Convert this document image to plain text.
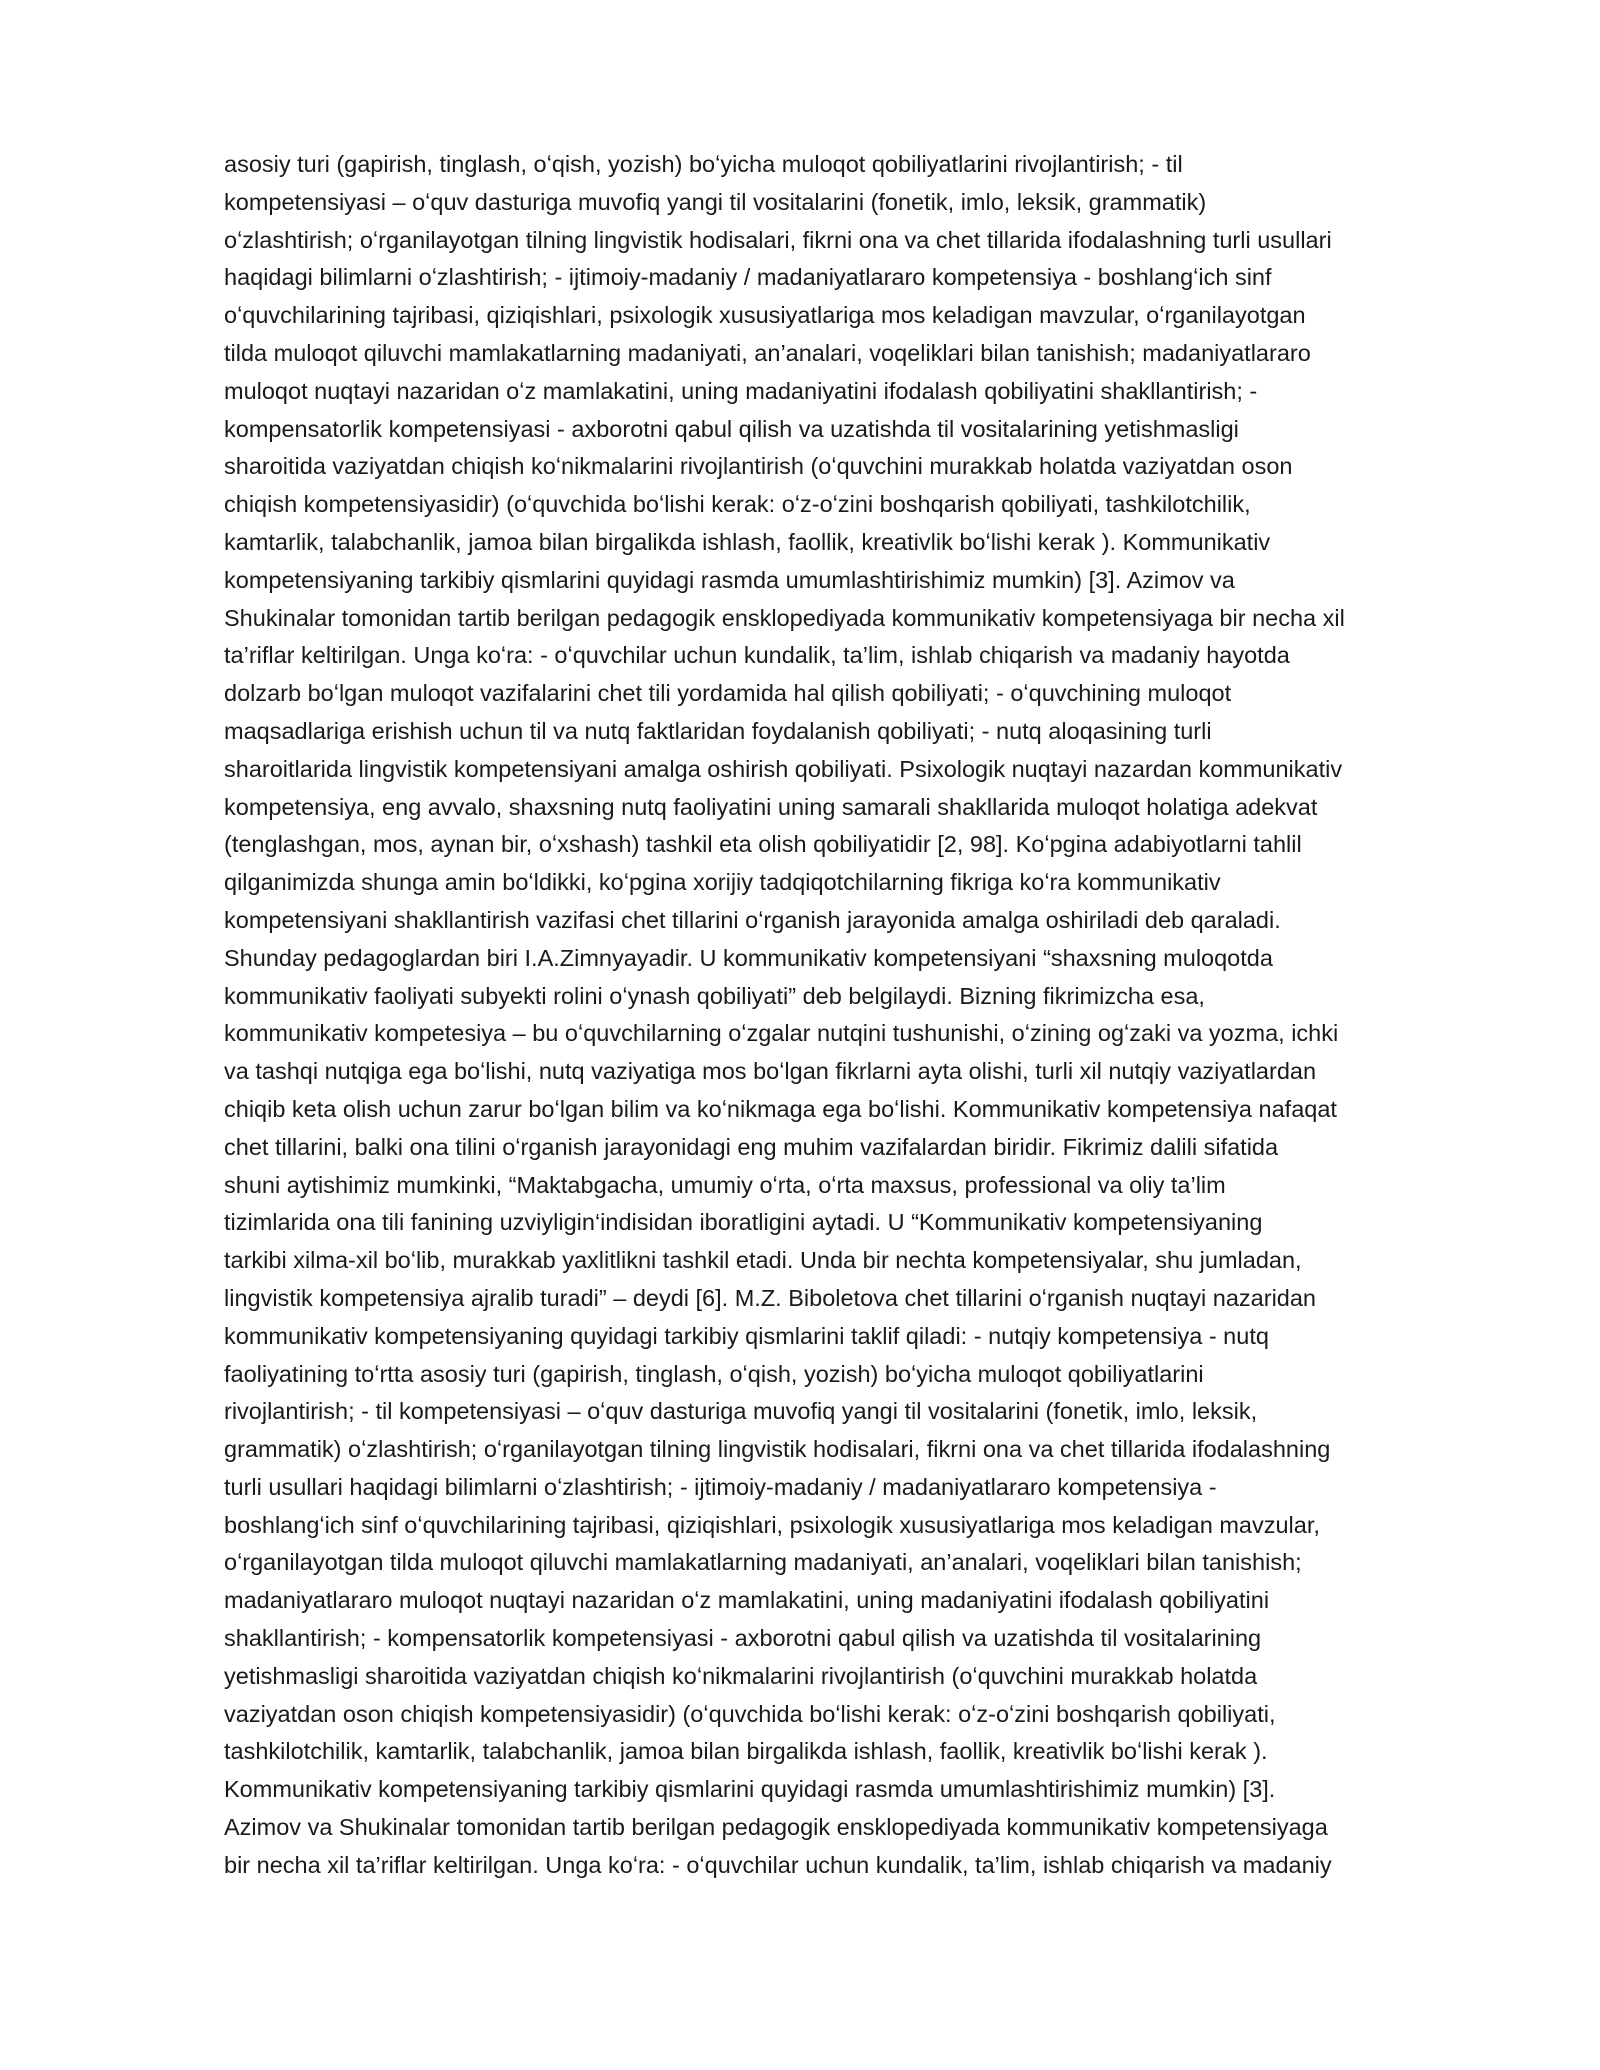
asosiy turi (gapirish, tinglash, oʻqish, yozish) boʻyicha muloqot qobiliyatlarini rivojlantirish; - til
kompetensiyasi – oʻquv dasturiga muvofiq yangi til vositalarini (fonetik, imlo, leksik, grammatik)
oʻzlashtirish; oʻrganilayotgan tilning lingvistik hodisalari, fikrni ona va chet tillarida ifodalashning turli usullari
haqidagi bilimlarni oʻzlashtirish; - ijtimoiy-madaniy / madaniyatlararo kompetensiya - boshlangʻich sinf
oʻquvchilarining tajribasi, qiziqishlari, psixologik xususiyatlariga mos keladigan mavzular, oʻrganilayotgan
tilda muloqot qiluvchi mamlakatlarning madaniyati, an’analari, voqeliklari bilan tanishish; madaniyatlararo
muloqot nuqtayi nazaridan oʻz mamlakatini, uning madaniyatini ifodalash qobiliyatini shakllantirish; -
kompensatorlik kompetensiyasi - axborotni qabul qilish va uzatishda til vositalarining yetishmasligi
sharoitida vaziyatdan chiqish koʻnikmalarini rivojlantirish (oʻquvchini murakkab holatda vaziyatdan oson
chiqish kompetensiyasidir) (oʻquvchida boʻlishi kerak: oʻz-oʻzini boshqarish qobiliyati, tashkilotchilik,
kamtarlik, talabchanlik, jamoa bilan birgalikda ishlash, faollik, kreativlik boʻlishi kerak ). Kommunikativ
kompetensiyaning tarkibiy qismlarini quyidagi rasmda umumlashtirishimiz mumkin) [3]. Azimov va
Shukinalar tomonidan tartib berilgan pedagogik ensklopediyada kommunikativ kompetensiyaga bir necha xil
ta’riflar keltirilgan. Unga koʻra: - oʻquvchilar uchun kundalik, ta’lim, ishlab chiqarish va madaniy hayotda
dolzarb boʻlgan muloqot vazifalarini chet tili yordamida hal qilish qobiliyati; - oʻquvchining muloqot
maqsadlariga erishish uchun til va nutq faktlaridan foydalanish qobiliyati; - nutq aloqasining turli
sharoitlarida lingvistik kompetensiyani amalga oshirish qobiliyati. Psixologik nuqtayi nazardan kommunikativ
kompetensiya, eng avvalo, shaxsning nutq faoliyatini uning samarali shakllarida muloqot holatiga adekvat
(tenglashgan, mos, aynan bir, oʻxshash) tashkil eta olish qobiliyatidir [2, 98]. Koʻpgina adabiyotlarni tahlil
qilganimizda shunga amin boʻldikki, koʻpgina xorijiy tadqiqotchilarning fikriga koʻra kommunikativ
kompetensiyani shakllantirish vazifasi chet tillarini oʻrganish jarayonida amalga oshiriladi deb qaraladi.
Shunday pedagoglardan biri I.A.Zimnyayadir. U kommunikativ kompetensiyani “shaxsning muloqotda
kommunikativ faoliyati subyekti rolini oʻynash qobiliyati” deb belgilaydi. Bizning fikrimizcha esa,
kommunikativ kompetesiya – bu oʻquvchilarning oʻzgalar nutqini tushunishi, oʻzining ogʻzaki va yozma, ichki
va tashqi nutqiga ega boʻlishi, nutq vaziyatiga mos boʻlgan fikrlarni ayta olishi, turli xil nutqiy vaziyatlardan
chiqib keta olish uchun zarur boʻlgan bilim va koʻnikmaga ega boʻlishi. Kommunikativ kompetensiya nafaqat
chet tillarini, balki ona tilini oʻrganish jarayonidagi eng muhim vazifalardan biridir. Fikrimiz dalili sifatida
shuni aytishimiz mumkinki, “Maktabgacha, umumiy oʻrta, oʻrta maxsus, professional va oliy ta’lim
tizimlarida ona tili fanining uzviyligin‘indisidan iboratligini aytadi. U “Kommunikativ kompetensiyaning
tarkibi xilma-xil boʻlib, murakkab yaxlitlikni tashkil etadi. Unda bir nechta kompetensiyalar, shu jumladan,
lingvistik kompetensiya ajralib turadi” – deydi [6]. M.Z. Biboletova chet tillarini oʻrganish nuqtayi nazaridan
kommunikativ kompetensiyaning quyidagi tarkibiy qismlarini taklif qiladi: - nutqiy kompetensiya - nutq
faoliyatining toʻrtta asosiy turi (gapirish, tinglash, oʻqish, yozish) boʻyicha muloqot qobiliyatlarini
rivojlantirish; - til kompetensiyasi – oʻquv dasturiga muvofiq yangi til vositalarini (fonetik, imlo, leksik,
grammatik) oʻzlashtirish; oʻrganilayotgan tilning lingvistik hodisalari, fikrni ona va chet tillarida ifodalashning
turli usullari haqidagi bilimlarni oʻzlashtirish; - ijtimoiy-madaniy / madaniyatlararo kompetensiya -
boshlangʻich sinf oʻquvchilarining tajribasi, qiziqishlari, psixologik xususiyatlariga mos keladigan mavzular,
oʻrganilayotgan tilda muloqot qiluvchi mamlakatlarning madaniyati, an’analari, voqeliklari bilan tanishish;
madaniyatlararo muloqot nuqtayi nazaridan oʻz mamlakatini, uning madaniyatini ifodalash qobiliyatini
shakllantirish; - kompensatorlik kompetensiyasi - axborotni qabul qilish va uzatishda til vositalarining
yetishmasligi sharoitida vaziyatdan chiqish koʻnikmalarini rivojlantirish (oʻquvchini murakkab holatda
vaziyatdan oson chiqish kompetensiyasidir) (oʻquvchida boʻlishi kerak: oʻz-oʻzini boshqarish qobiliyati,
tashkilotchilik, kamtarlik, talabchanlik, jamoa bilan birgalikda ishlash, faollik, kreativlik boʻlishi kerak ).
Kommunikativ kompetensiyaning tarkibiy qismlarini quyidagi rasmda umumlashtirishimiz mumkin) [3].
Azimov va Shukinalar tomonidan tartib berilgan pedagogik ensklopediyada kommunikativ kompetensiyaga
bir necha xil ta’riflar keltirilgan. Unga koʻra: - oʻquvchilar uchun kundalik, ta’lim, ishlab chiqarish va madaniy
